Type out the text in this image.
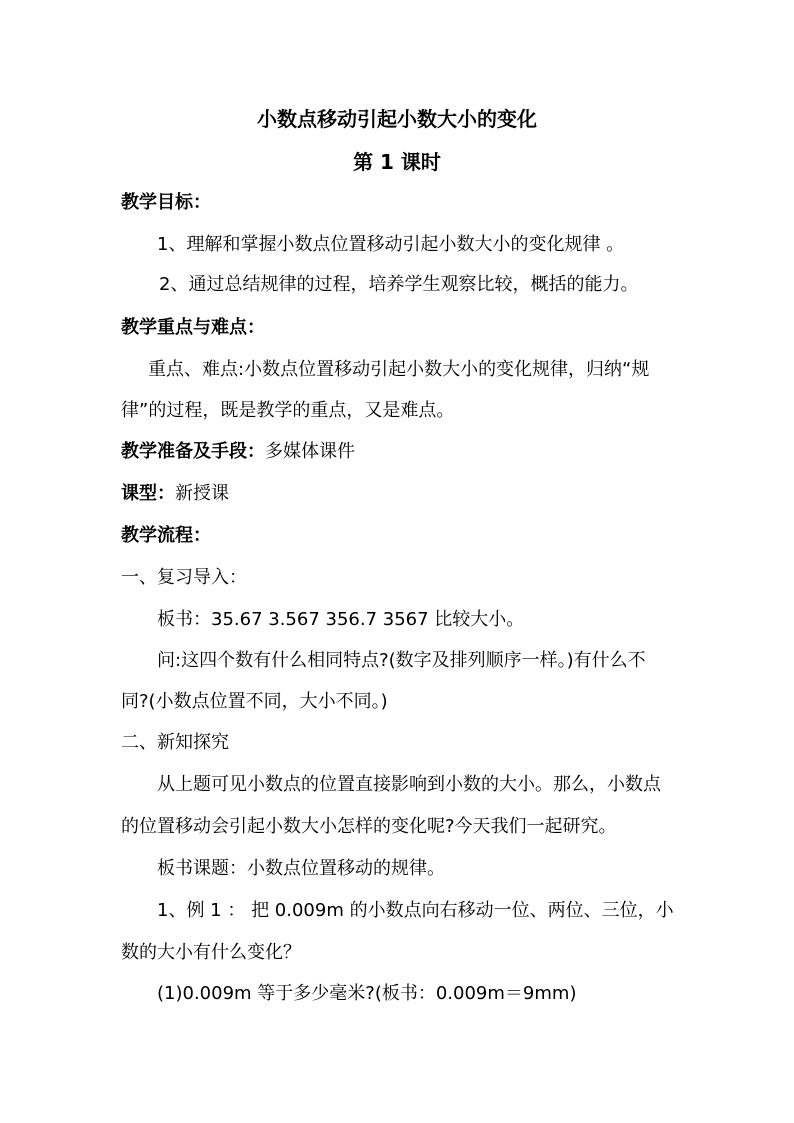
小数点移动引起小数大小的变化
第 1 课时
教学目标：
1、理解和掌握小数点位置移动引起小数大小的变化规律 。
2、通过总结规律的过程，培养学生观察比较，概括的能力。
教学重点与难点：
重点、难点:小数点位置移动引起小数大小的变化规律，归纳“规
律”的过程，既是教学的重点，又是难点。
教学准备及手段：多媒体课件
课型：新授课
教学流程：
一、复习导入：
板书：35.67 3.567 356.7 3567 比较大小。
问:这四个数有什么相同特点?(数字及排列顺序一样。)有什么不
同?(小数点位置不同，大小不同。)
二、新知探究
从上题可见小数点的位置直接影响到小数的大小。那么，小数点
的位置移动会引起小数大小怎样的变化呢?今天我们一起研究。
板书课题：小数点位置移动的规律。
1、例 1 ： 把 0.009m 的小数点向右移动一位、两位、三位，小
数的大小有什么变化？
(1)0.009m 等于多少毫米?(板书：0.009m＝9mm)
